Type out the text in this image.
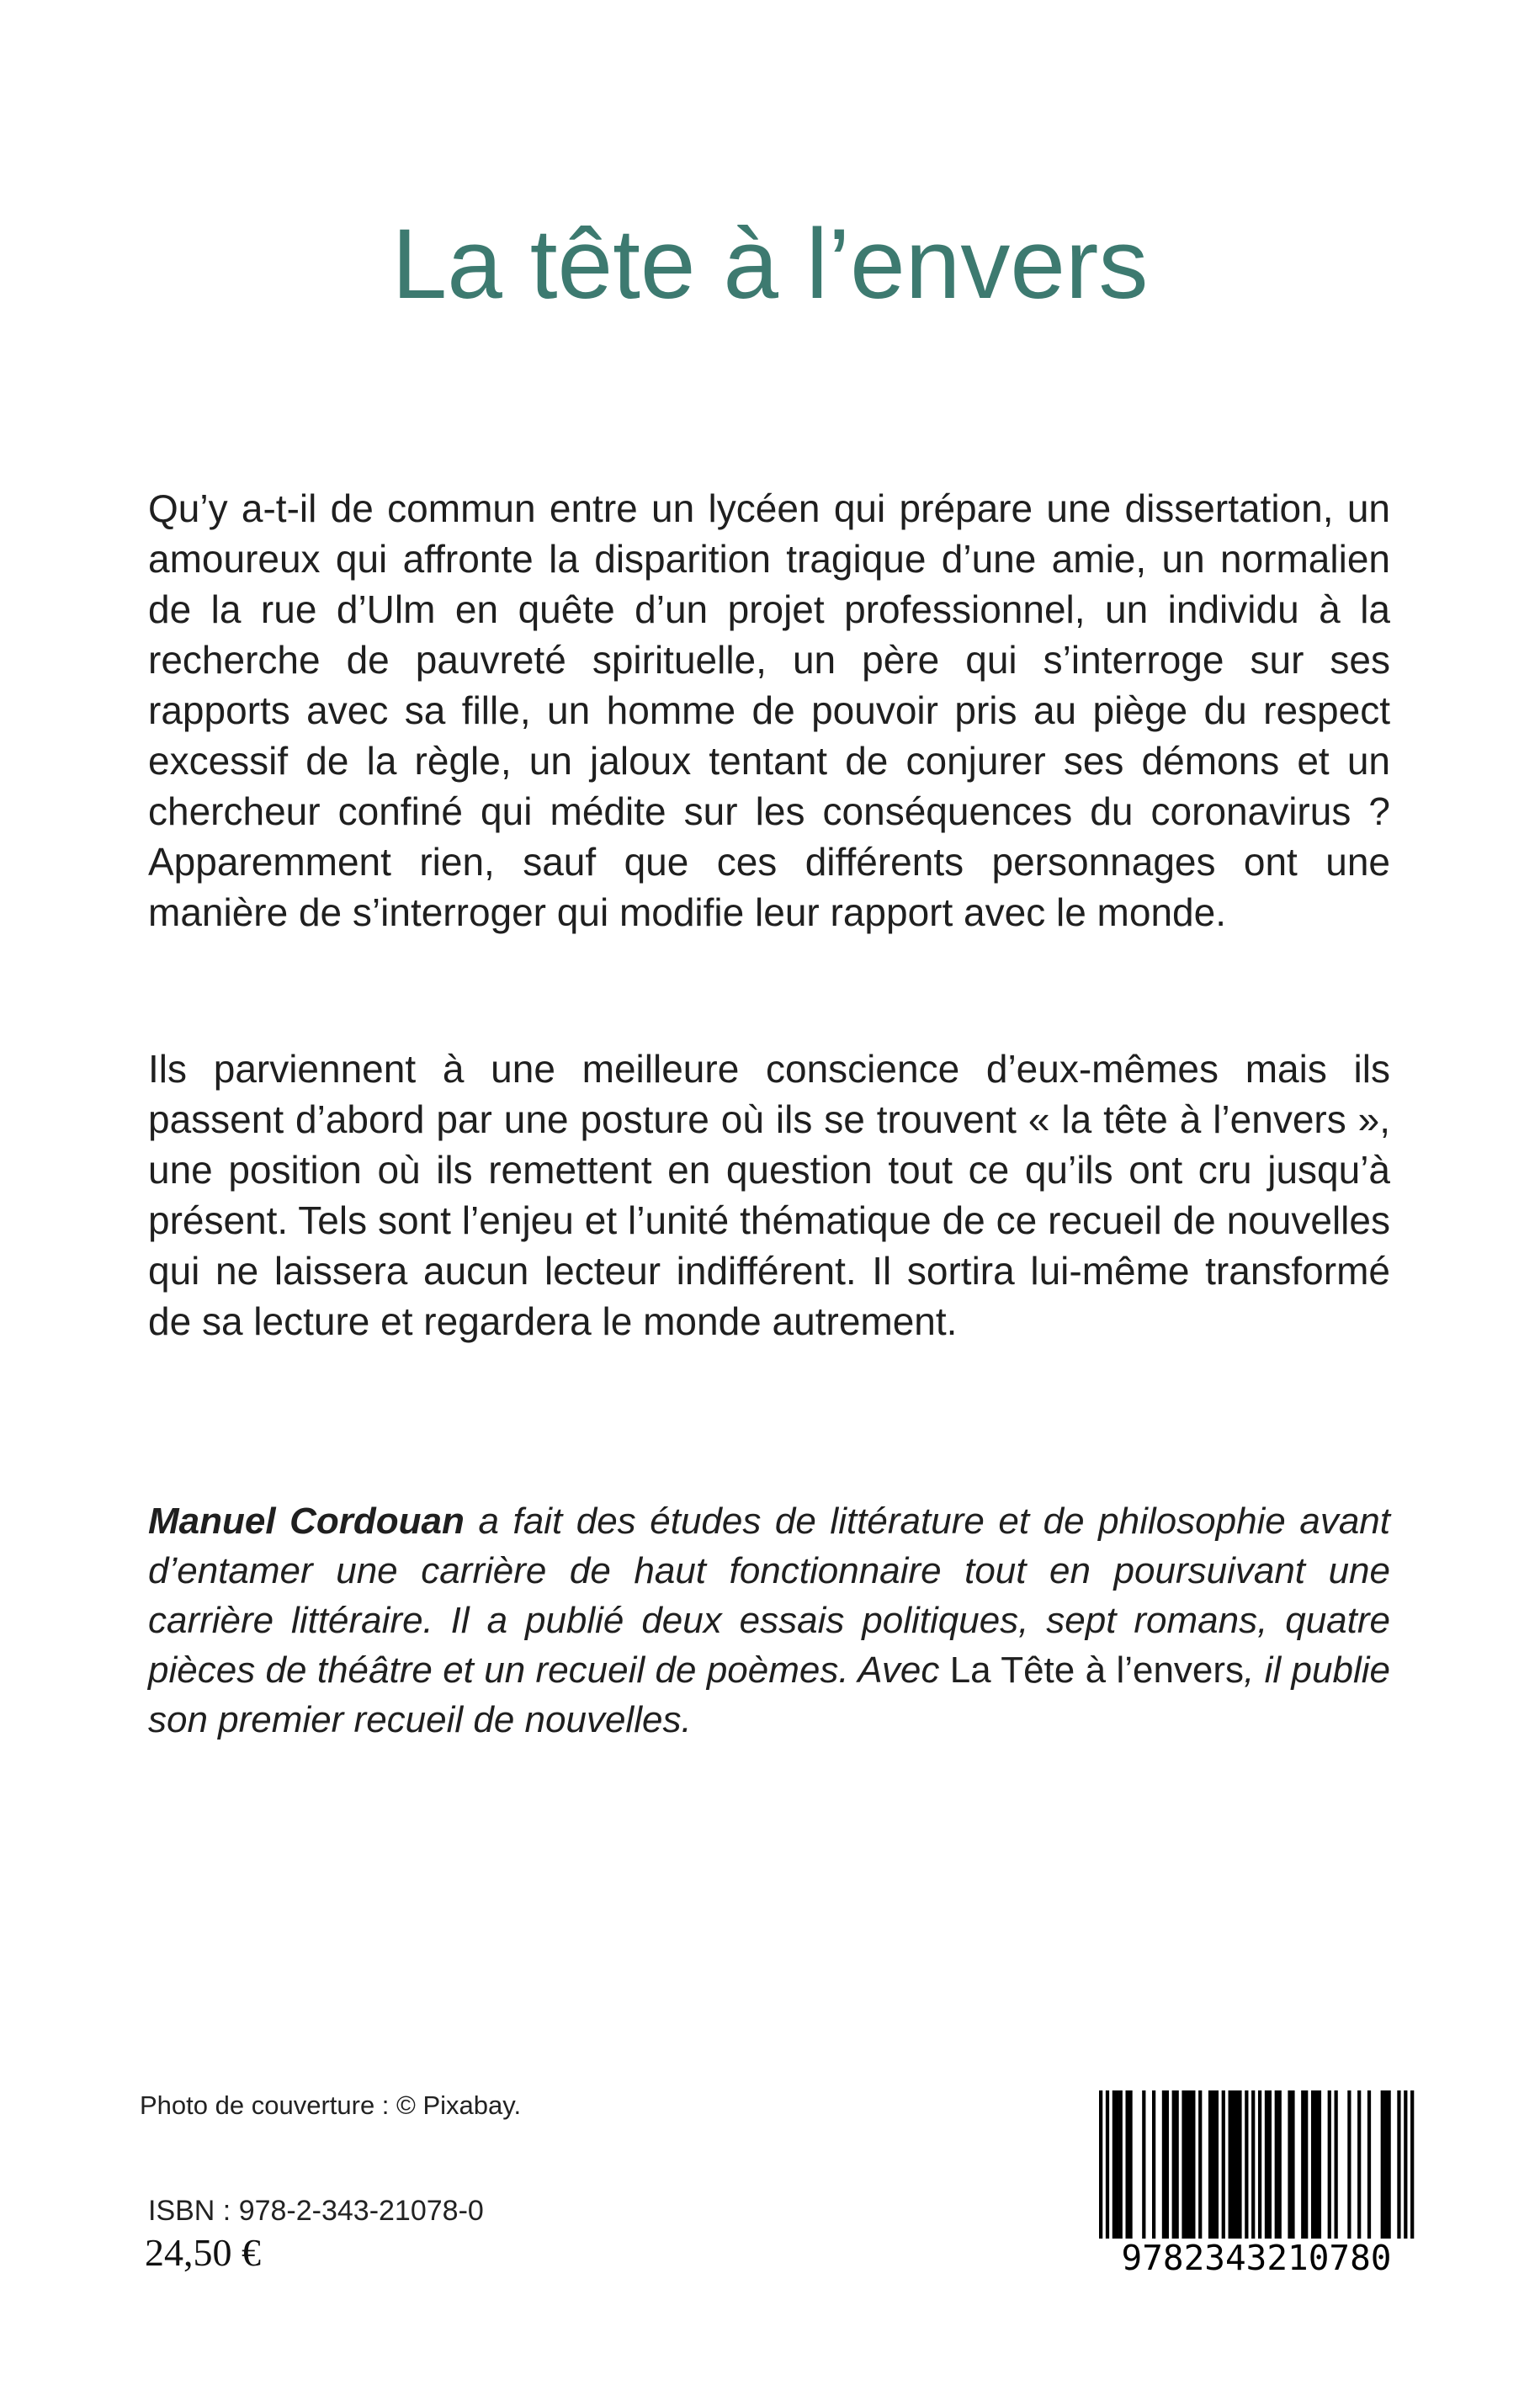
La tête à l’envers

Qu’y a-t-il de commun entre un lycéen qui prépare une dissertation, un amoureux qui affronte la disparition tragique d’une amie, un normalien de la rue d’Ulm en quête d’un projet professionnel, un individu à la recherche de pauvreté spirituelle, un père qui s’interroge sur ses rapports avec sa fille, un homme de pouvoir pris au piège du respect excessif de la règle, un jaloux tentant de conjurer ses démons et un chercheur confiné qui médite sur les conséquences du coronavirus ? Apparemment rien, sauf que ces différents personnages ont une manière de s’interroger qui modifie leur rapport avec le monde.

Ils parviennent à une meilleure conscience d’eux-mêmes mais ils passent d’abord par une posture où ils se trouvent « la tête à l’envers », une position où ils remettent en question tout ce qu’ils ont cru jusqu’à présent. Tels sont l’enjeu et l’unité thématique de ce recueil de nouvelles qui ne laissera aucun lecteur indifférent. Il sortira lui-même transformé de sa lecture et regardera le monde autrement.

Manuel Cordouan a fait des études de littérature et de philosophie avant d’entamer une carrière de haut fonctionnaire tout en poursuivant une carrière littéraire. Il a publié deux essais politiques, sept romans, quatre pièces de théâtre et un recueil de poèmes. Avec La Tête à l’envers, il publie son premier recueil de nouvelles.

Photo de couverture : © Pixabay.
ISBN : 978-2-343-21078-0
24,50 €	9782343210780
